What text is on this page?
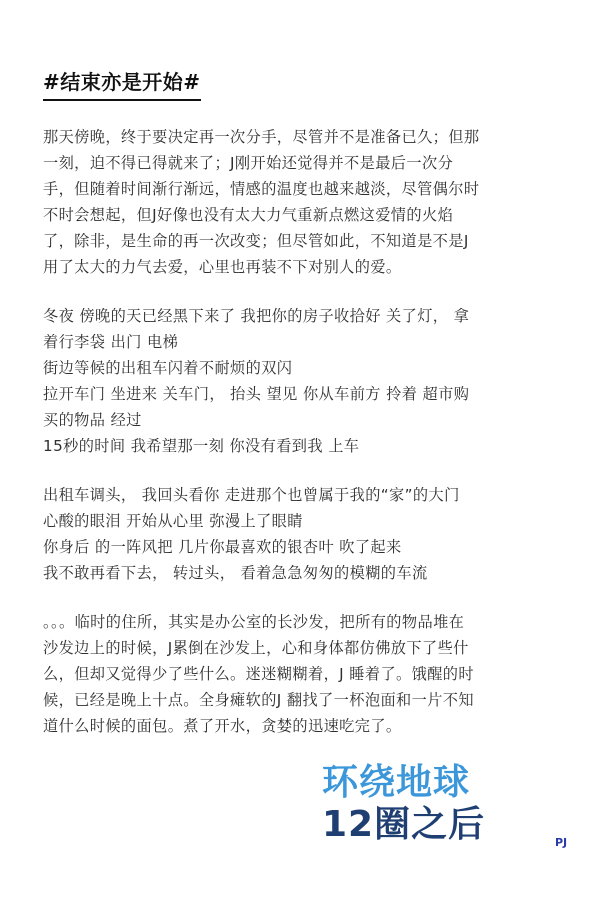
#结束亦是开始#
那天傍晚，终于要决定再一次分手，尽管并不是准备已久；但那
一刻，迫不得已得就来了；J刚开始还觉得并不是最后一次分
手，但随着时间渐行渐远，情感的温度也越来越淡，尽管偶尔时
不时会想起，但J好像也没有太大力气重新点燃这爱情的火焰
了，除非，是生命的再一次改变；但尽管如此，不知道是不是J
用了太大的力气去爱，心里也再装不下对别人的爱。
冬夜 傍晚的天已经黑下来了 我把你的房子收拾好 关了灯， 拿
着行李袋 出门 电梯
街边等候的出租车闪着不耐烦的双闪
拉开车门 坐进来 关车门， 抬头 望见 你从车前方 拎着 超市购
买的物品 经过
15秒的时间 我希望那一刻 你没有看到我 上车
出租车调头， 我回头看你 走进那个也曾属于我的“家”的大门
心酸的眼泪 开始从心里 弥漫上了眼睛
你身后 的一阵风把 几片你最喜欢的银杏叶 吹了起来
我不敢再看下去， 转过头， 看着急急匆匆的模糊的车流
。。。临时的住所，其实是办公室的长沙发，把所有的物品堆在
沙发边上的时候，J累倒在沙发上，心和身体都仿佛放下了些什
么，但却又觉得少了些什么。迷迷糊糊着，J 睡着了。饿醒的时
候，已经是晚上十点。全身瘫软的J 翻找了一杯泡面和一片不知
道什么时候的面包。煮了开水，贪婪的迅速吃完了。
环绕地球
12圈之后	PJ
